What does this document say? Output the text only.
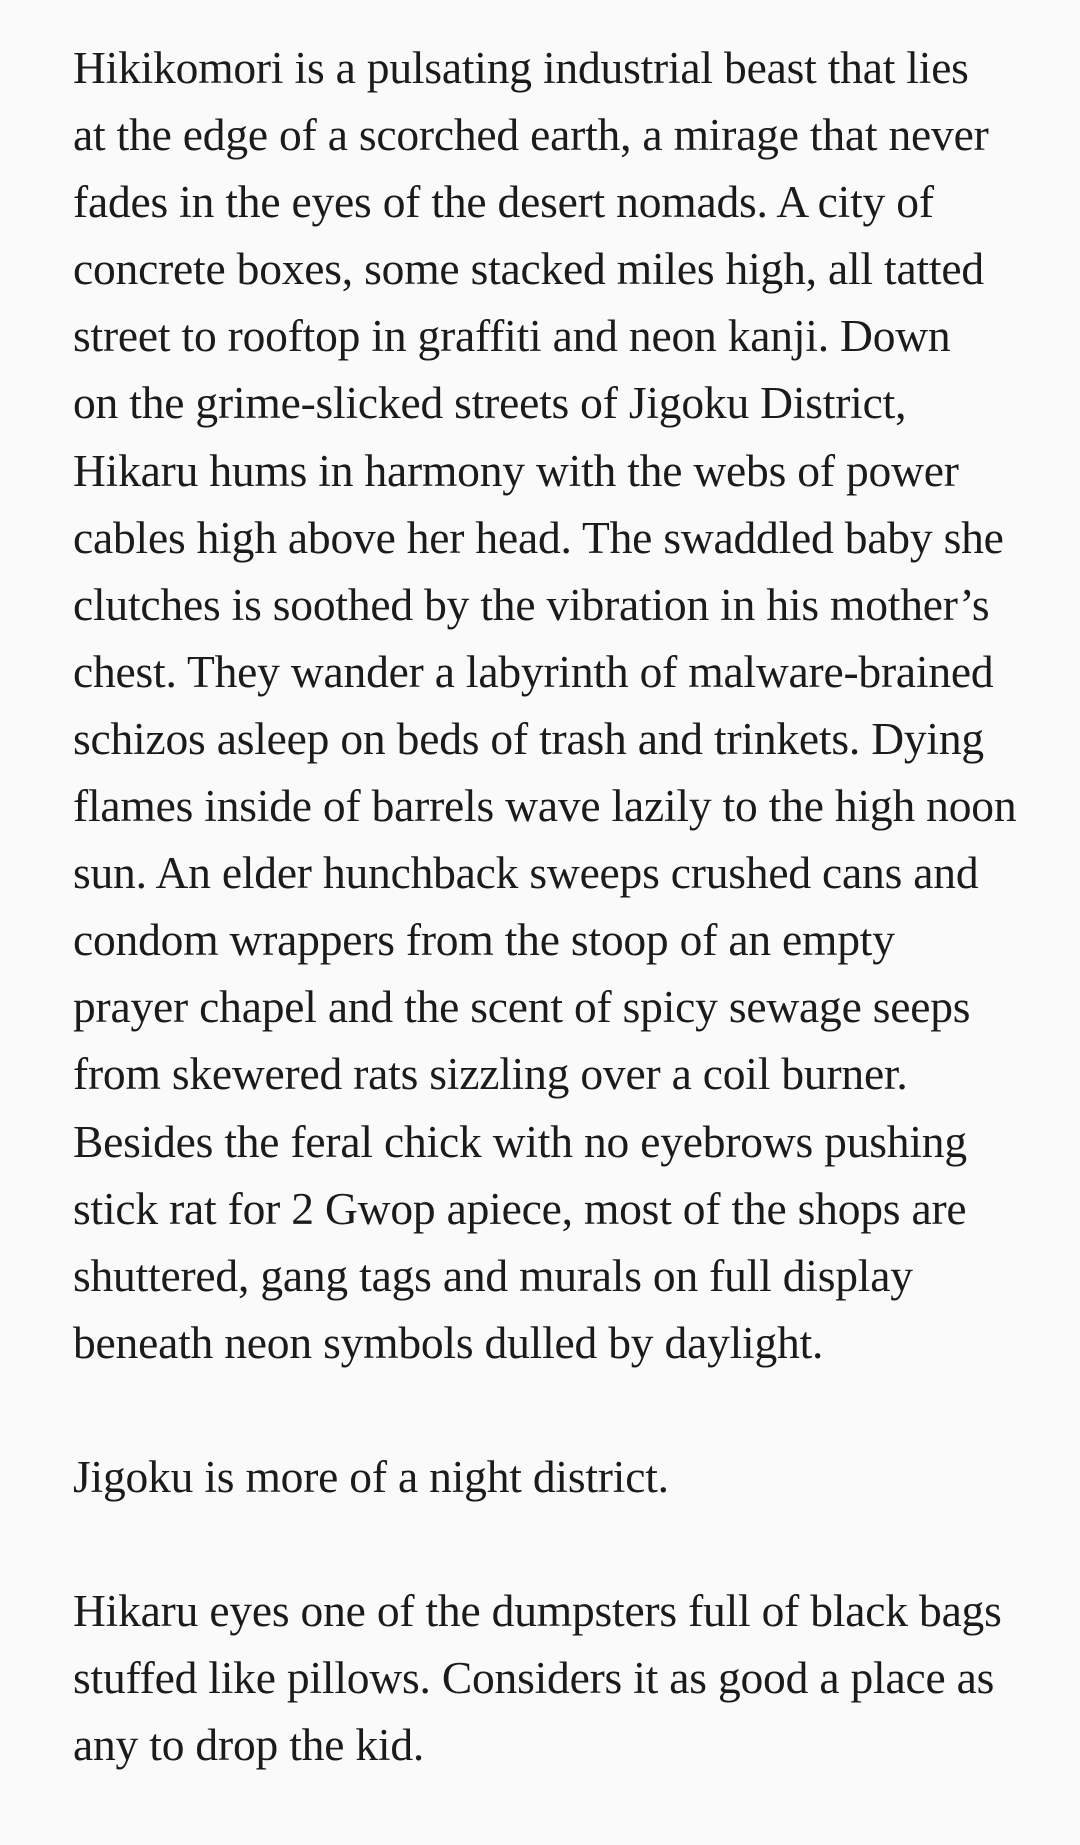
Hikikomori is a pulsating industrial beast that lies
at the edge of a scorched earth, a mirage that never
fades in the eyes of the desert nomads. A city of
concrete boxes, some stacked miles high, all tatted
street to rooftop in graffiti and neon kanji. Down
on the grime-slicked streets of Jigoku District,
Hikaru hums in harmony with the webs of power
cables high above her head. The swaddled baby she
clutches is soothed by the vibration in his mother’s
chest. They wander a labyrinth of malware-brained
schizos asleep on beds of trash and trinkets. Dying
flames inside of barrels wave lazily to the high noon
sun. An elder hunchback sweeps crushed cans and
condom wrappers from the stoop of an empty
prayer chapel and the scent of spicy sewage seeps
from skewered rats sizzling over a coil burner.
Besides the feral chick with no eyebrows pushing
stick rat for 2 Gwop apiece, most of the shops are
shuttered, gang tags and murals on full display
beneath neon symbols dulled by daylight.
Jigoku is more of a night district.
Hikaru eyes one of the dumpsters full of black bags
stuffed like pillows. Considers it as good a place as
any to drop the kid.
